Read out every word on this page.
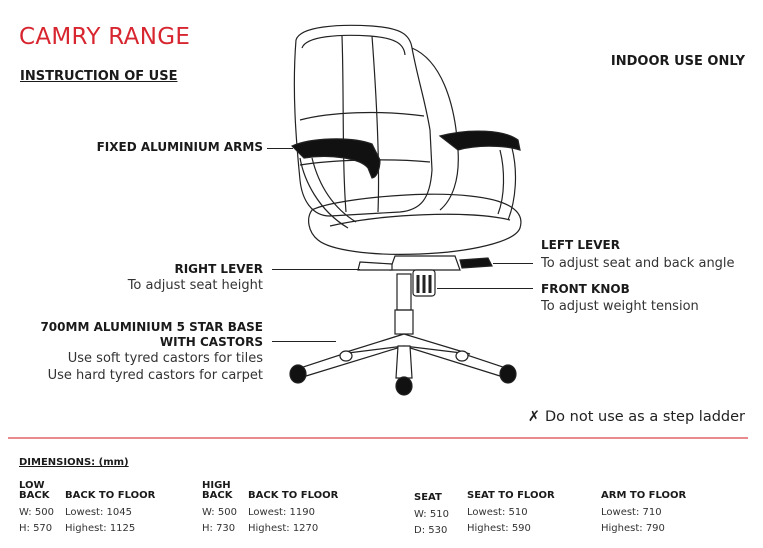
CAMRY RANGE
INSTRUCTION OF USE
INDOOR USE ONLY
FIXED ALUMINIUM ARMS
RIGHT LEVER
To adjust seat height
700MM ALUMINIUM 5 STAR BASE
WITH CASTORS
Use soft tyred castors for tiles
Use hard tyred castors for carpet
LEFT LEVER
To adjust seat and back angle
FRONT KNOB
To adjust weight tension
✗ Do not use as a step ladder
DIMENSIONS: (mm)
LOW
BACK BACK TO FLOOR
W: 500
H: 570
Lowest: 1045
Highest: 1125
HIGH
BACK BACK TO FLOOR
W: 500
H: 730
Lowest: 1190
Highest: 1270
SEAT	SEAT TO FLOOR
W: 510
D: 530
Lowest: 510
Highest: 590
ARM TO FLOOR
Lowest: 710
Highest: 790
